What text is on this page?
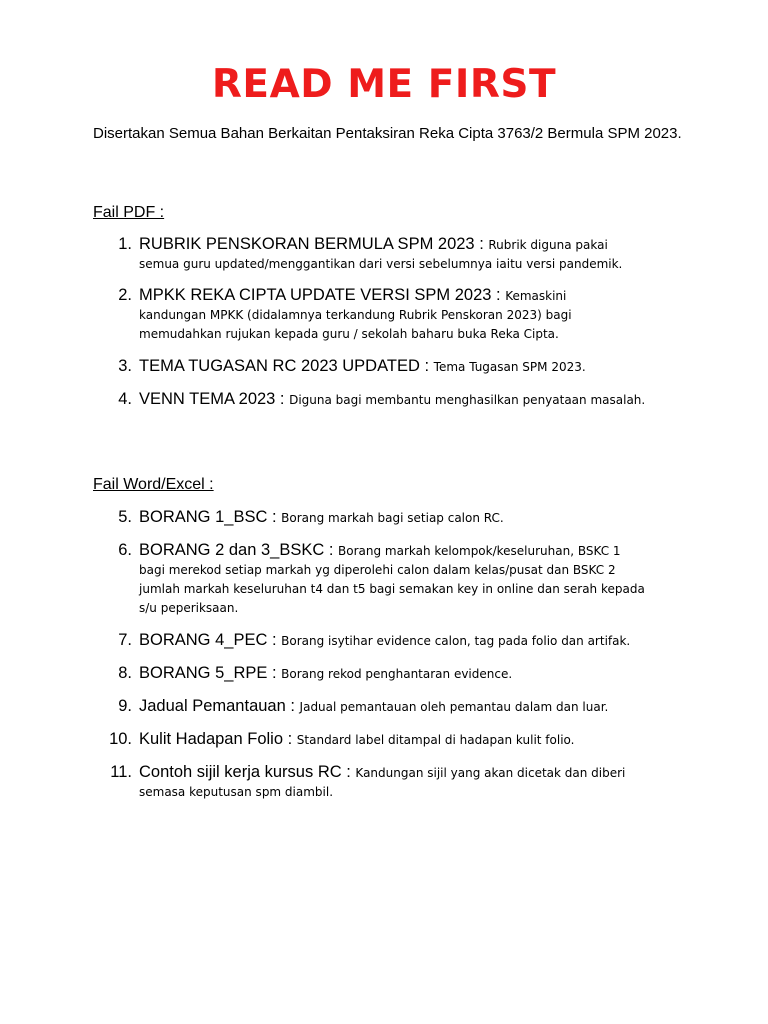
READ ME FIRST

Disertakan Semua Bahan Berkaitan Pentaksiran Reka Cipta 3763/2 Bermula SPM 2023.

Fail PDF :
1. RUBRIK PENSKORAN BERMULA SPM 2023 : Rubrik diguna pakai
semua guru updated/menggantikan dari versi sebelumnya iaitu versi pandemik.
2. MPKK REKA CIPTA UPDATE VERSI SPM 2023 : Kemaskini
kandungan MPKK (didalamnya terkandung Rubrik Penskoran 2023) bagi
memudahkan rujukan kepada guru / sekolah baharu buka Reka Cipta.
3. TEMA TUGASAN RC 2023 UPDATED : Tema Tugasan SPM 2023.
4. VENN TEMA 2023 : Diguna bagi membantu menghasilkan penyataan masalah.
Fail Word/Excel :
5. BORANG 1_BSC : Borang markah bagi setiap calon RC.
6. BORANG 2 dan 3_BSKC : Borang markah kelompok/keseluruhan, BSKC 1
bagi merekod setiap markah yg diperolehi calon dalam kelas/pusat dan BSKC 2
jumlah markah keseluruhan t4 dan t5 bagi semakan key in online dan serah kepada
s/u peperiksaan.
7. BORANG 4_PEC : Borang isytihar evidence calon, tag pada folio dan artifak.
8. BORANG 5_RPE : Borang rekod penghantaran evidence.
9. Jadual Pemantauan : Jadual pemantauan oleh pemantau dalam dan luar.
10. Kulit Hadapan Folio : Standard label ditampal di hadapan kulit folio.
11. Contoh sijil kerja kursus RC : Kandungan sijil yang akan dicetak dan diberi
semasa keputusan spm diambil.
